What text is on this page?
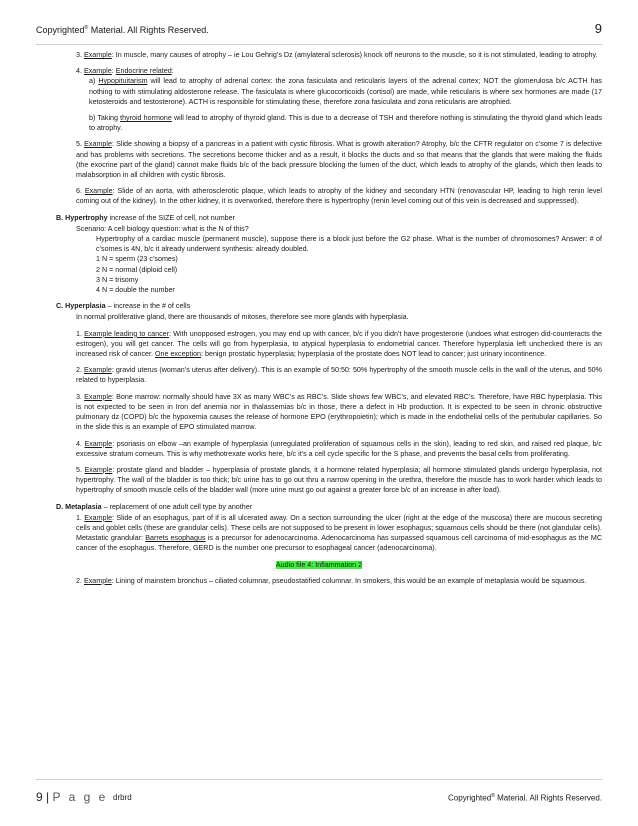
Copyrighted® Material. All Rights Reserved.	9

3. Example: In muscle, many causes of atrophy – ie Lou Gehrig’s Dz (amylateral sclerosis) knock off neurons to the muscle, so it is not stimulated, leading to atrophy.

4. Example: Endocrine related:

a) Hypopituitarism will lead to atrophy of adrenal cortex: the zona fasiculata and reticularis layers of the adrenal cortex; NOT the glomerulosa b/c ACTH has nothing to with stimulating aldosterone release. The fasiculata is where glucocorticoids (cortisol) are made, while reticularis is where sex hormones are made (17 ketosteroids and testosterone). ACTH is responsible for stimulating these, therefore zona fasiculata and zona reticularis are atrophied.

b) Taking thyroid hormone will lead to atrophy of thyroid gland. This is due to a decrease of TSH and therefore nothing is stimulating the thyroid gland which leads to atrophy.

5. Example: Slide showing a biopsy of a pancreas in a patient with cystic fibrosis. What is growth alteration? Atrophy, b/c the CFTR regulator on c’some 7 is defective and has problems with secretions. The secretions become thicker and as a result, it blocks the ducts and so that means that the glands that were making the fluids (the exocrine part of the gland) cannot make fluids b/c of the back pressure blocking the lumen of the duct, which leads to atrophy of the glands, which then leads to malabsorption in all children with cystic fibrosis.

6. Example: Slide of an aorta, with atherosclerotic plaque, which leads to atrophy of the kidney and secondary HTN (renovascular HP, leading to high renin level coming out of the kidney). In the other kidney, it is overworked, therefore there is hypertrophy (renin level coming out of this vein is decreased and suppressed).

B. Hypertrophy increase of the SIZE of cell, not number

Scenario: A cell biology question: what is the N of this?

Hypertrophy of a cardiac muscle (permanent muscle), suppose there is a block just before the G2 phase. What is the number of chromosomes? Answer: # of c’somes is 4N, b/c it already underwent synthesis: already doubled.

1 N = sperm (23 c’somes)

2 N = normal (diploid cell)

3 N = trisomy

4 N = double the number

C. Hyperplasia – increase in the # of cells

In normal proliferative gland, there are thousands of mitoses, therefore see more glands with hyperplasia.

1. Example leading to cancer: With unopposed estrogen, you may end up with cancer, b/c if you didn’t have progesterone (undoes what estrogen did-counteracts the estrogen), you will get cancer. The cells will go from hyperplasia, to atypical hyperplasia to endometrial cancer. Therefore hyperplasia left unchecked there is an increased risk of cancer. One exception: benign prostatic hyperplasia; hyperplasia of the prostate does NOT lead to cancer; just urinary incontinence.

2. Example: gravid uterus (woman’s uterus after delivery). This is an example of 50:50: 50% hypertrophy of the smooth muscle cells in the wall of the uterus, and 50% related to hyperplasia.

3. Example: Bone marrow: normally should have 3X as many WBC’s as RBC’s. Slide shows few WBC’s, and elevated RBC’s. Therefore, have RBC hyperplasia. This is not expected to be seen in Iron def anemia nor in thalassemias b/c in those, there a defect in Hb production. It is expected to be seen in chronic obstructive pulmonary dz (COPD) b/c the hypoxemia causes the release of hormone EPO (erythropoietin); which is made in the endothelial cells of the peritubular capillaries. So in the slide this is an example of EPO stimulated marrow.

4. Example: psoriasis on elbow –an example of hyperplasia (unregulated proliferation of squamous cells in the skin), leading to red skin, and raised red plaque, b/c excessive stratum corneum. This is why methotrexate works here, b/c it’s a cell cycle specific for the S phase, and prevents the basal cells from proliferating.

5. Example: prostate gland and bladder – hyperplasia of prostate glands, it a hormone related hyperplasia; all hormone stimulated glands undergo hyperplasia, not hypertrophy. The wall of the bladder is too thick; b/c urine has to go out thru a narrow opening in the urethra, therefore the muscle has to work harder which leads to hypertrophy of smooth muscle cells of the bladder wall (more urine must go out against a greater force b/c of an increase in after load).

D. Metaplasia – replacement of one adult cell type by another

1. Example: Slide of an esophagus, part of if is all ulcerated away. On a section surrounding the ulcer (right at the edge of the muscosa) there are mucous secreting cells and goblet cells (these are grandular cells). These cells are not supposed to be present in lower esophagus; squamous cells should be there (not glandular cells). Metastatic grandular: Barrets esophagus is a precursor for adenocarcinoma. Adenocarcinoma has surpassed squamous cell carcinoma of mid-esophagus as the MC cancer of the esophagus. Therefore, GERD is the number one precursor to esophageal cancer (adenocarcinoma).

Audio file 4: Inflammation 2

2. Example: Lining of mainstem bronchus – ciliated columnar, pseudostatified columnar. In smokers, this would be an example of metaplasia would be squamous.

9 | P a g e drbrd	Copyrighted® Material. All Rights Reserved.
